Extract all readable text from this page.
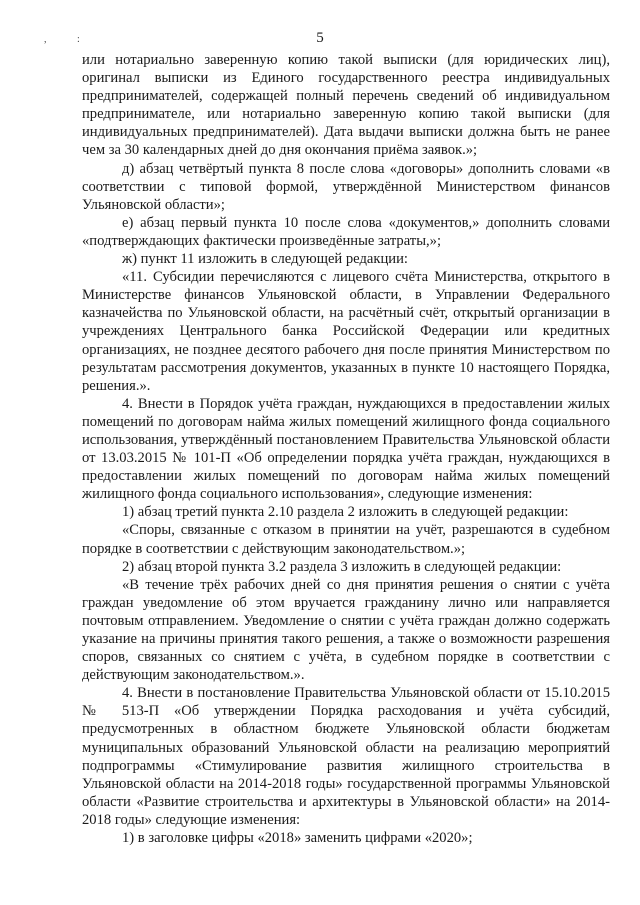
, :	5

или нотариально заверенную копию такой выписки (для юридических лиц), оригинал выписки из Единого государственного реестра индивидуальных предпринимателей, содержащей полный перечень сведений об индивидуальном предпринимателе, или нотариально заверенную копию такой выписки (для индивидуальных предпринимателей). Дата выдачи выписки должна быть не ранее чем за 30 календарных дней до дня окончания приёма заявок.»;

д) абзац четвёртый пункта 8 после слова «договоры» дополнить словами «в соответствии с типовой формой, утверждённой Министерством финансов Ульяновской области»;

е) абзац первый пункта 10 после слова «документов,» дополнить словами «подтверждающих фактически произведённые затраты,»;

ж) пункт 11 изложить в следующей редакции:

«11. Субсидии перечисляются с лицевого счёта Министерства, открытого в Министерстве финансов Ульяновской области, в Управлении Федерального казначейства по Ульяновской области, на расчётный счёт, открытый организации в учреждениях Центрального банка Российской Федерации или кредитных организациях, не позднее десятого рабочего дня после принятия Министерством по результатам рассмотрения документов, указанных в пункте 10 настоящего Порядка, решения.».

4. Внести в Порядок учёта граждан, нуждающихся в предоставлении жилых помещений по договорам найма жилых помещений жилищного фонда социального использования, утверждённый постановлением Правительства Ульяновской области от 13.03.2015 № 101-П «Об определении порядка учёта граждан, нуждающихся в предоставлении жилых помещений по договорам найма жилых помещений жилищного фонда социального использования», следующие изменения:

1) абзац третий пункта 2.10 раздела 2 изложить в следующей редакции:

«Споры, связанные с отказом в принятии на учёт, разрешаются в судебном порядке в соответствии с действующим законодательством.»;

2) абзац второй пункта 3.2 раздела 3 изложить в следующей редакции:

«В течение трёх рабочих дней со дня принятия решения о снятии с учёта граждан уведомление об этом вручается гражданину лично или направляется почтовым отправлением. Уведомление о снятии с учёта граждан должно содержать указание на причины принятия такого решения, а также о возможности разрешения споров, связанных со снятием с учёта, в судебном порядке в соответствии с действующим законодательством.».

4. Внести в постановление Правительства Ульяновской области от 15.10.2015 № 513-П «Об утверждении Порядка расходования и учёта субсидий, предусмотренных в областном бюджете Ульяновской области бюджетам муниципальных образований Ульяновской области на реализацию мероприятий подпрограммы «Стимулирование развития жилищного строительства в Ульяновской области на 2014-2018 годы» государственной программы Ульяновской области «Развитие строительства и архитектуры в Ульяновской области» на 2014-2018 годы» следующие изменения:

1) в заголовке цифры «2018» заменить цифрами «2020»;
